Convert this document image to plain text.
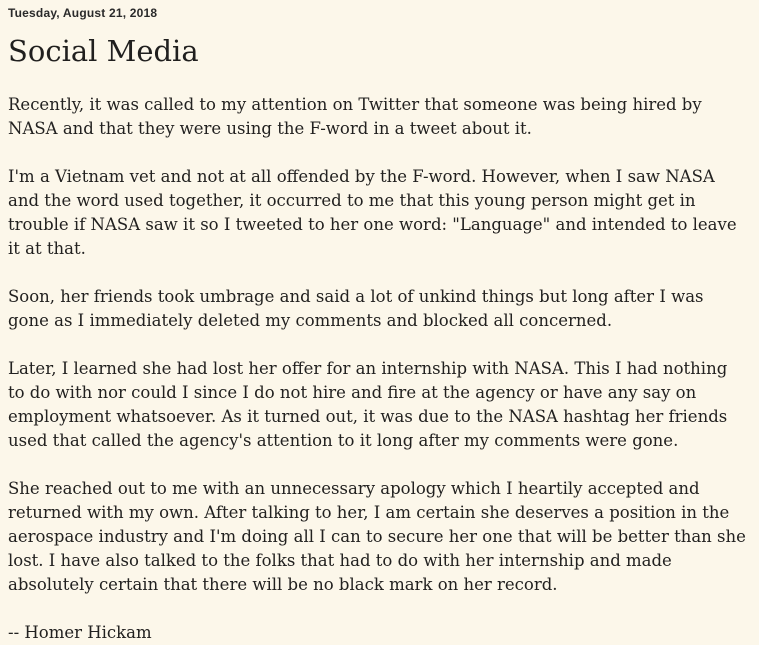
Tuesday, August 21, 2018
Social Media

Recently, it was called to my attention on Twitter that someone was being hired by NASA and that they were using the F-word in a tweet about it.

I'm a Vietnam vet and not at all offended by the F-word. However, when I saw NASA and the word used together, it occurred to me that this young person might get in trouble if NASA saw it so I tweeted to her one word: "Language" and intended to leave it at that.

Soon, her friends took umbrage and said a lot of unkind things but long after I was gone as I immediately deleted my comments and blocked all concerned.

Later, I learned she had lost her offer for an internship with NASA. This I had nothing to do with nor could I since I do not hire and fire at the agency or have any say on employment whatsoever. As it turned out, it was due to the NASA hashtag her friends used that called the agency's attention to it long after my comments were gone.

She reached out to me with an unnecessary apology which I heartily accepted and returned with my own. After talking to her, I am certain she deserves a position in the aerospace industry and I'm doing all I can to secure her one that will be better than she lost. I have also talked to the folks that had to do with her internship and made absolutely certain that there will be no black mark on her record.

-- Homer Hickam
